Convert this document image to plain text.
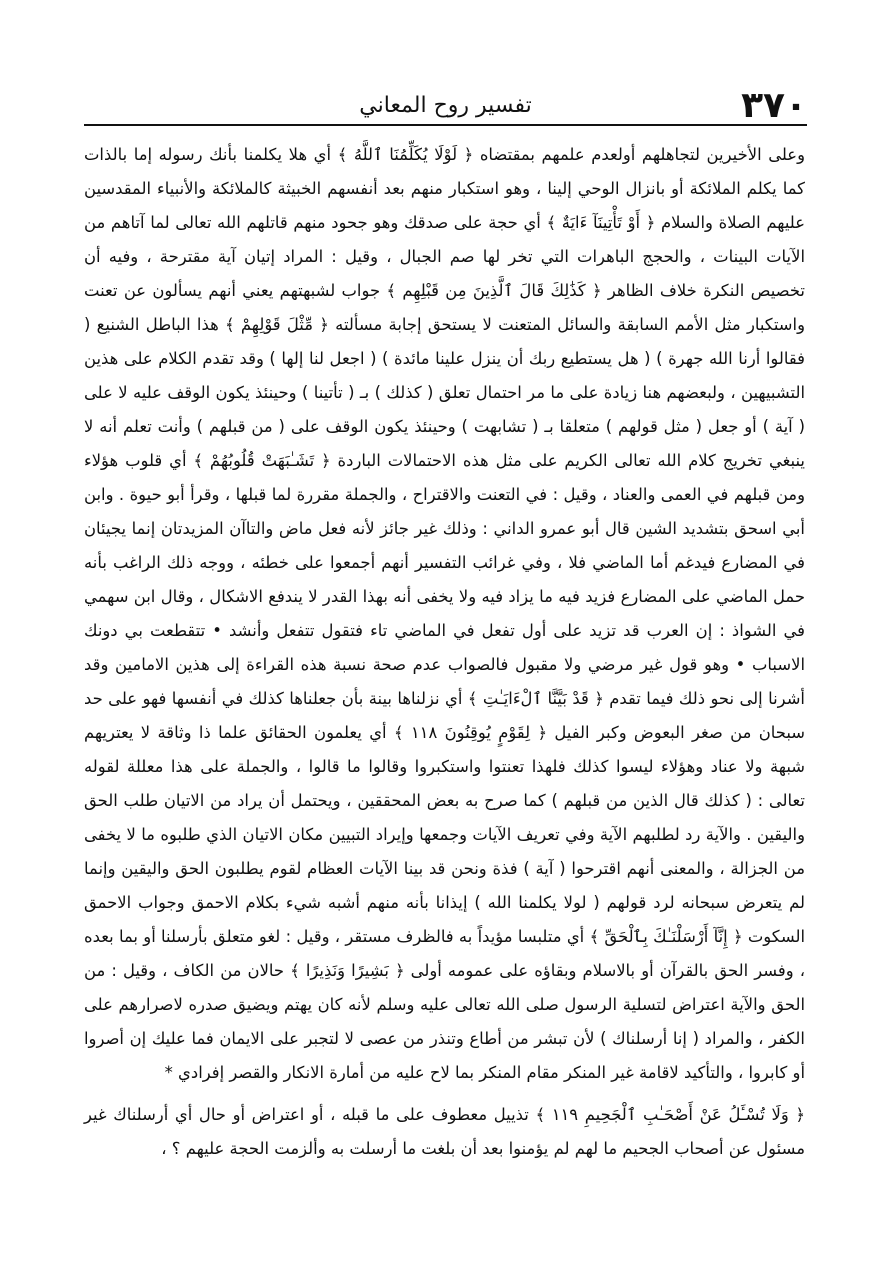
٣٧٠
تفسير روح المعاني

وعلى الأخيرين لتجاهلهم أولعدم علمهم بمقتضاه ﴿ لَوْلَا يُكَلِّمُنَا ٱللَّهُ ﴾ أي هلا يكلمنا بأنك رسوله إما بالذات كما يكلم الملائكة أو بانزال الوحي إلينا ، وهو استكبار منهم بعد أنفسهم الخبيثة كالملائكة والأنبياء المقدسين عليهم الصلاة والسلام ﴿ أَوْ تَأْتِينَآ ءَايَةٌ ﴾ أي حجة على صدقك وهو جحود منهم قاتلهم الله تعالى لما آتاهم من الآيات البينات ، والحجج الباهرات التي تخر لها صم الجبال ، وقيل : المراد إتيان آية مقترحة ، وفيه أن تخصيص النكرة خلاف الظاهر ﴿ كَذَٰلِكَ قَالَ ٱلَّذِينَ مِن قَبْلِهِم ﴾ جواب لشبهتهم يعني أنهم يسألون عن تعنت واستكبار مثل الأمم السابقة والسائل المتعنت لا يستحق إجابة مسألته ﴿ مِّثْلَ قَوْلِهِمْ ﴾ هذا الباطل الشنيع ( فقالوا أرنا الله جهرة ) ( هل يستطيع ربك أن ينزل علينا مائدة ) ( اجعل لنا إلها ) وقد تقدم الكلام على هذين التشبيهين ، ولبعضهم هنا زيادة على ما مر احتمال تعلق ( كذلك ) بـ ( تأتينا ) وحينئذ يكون الوقف عليه لا على ( آية ) أو جعل ( مثل قولهم ) متعلقا بـ ( تشابهت ) وحينئذ يكون الوقف على ( من قبلهم ) وأنت تعلم أنه لا ينبغي تخريج كلام الله تعالى الكريم على مثل هذه الاحتمالات الباردة ﴿ تَشَـٰبَهَتْ قُلُوبُهُمْ ﴾ أي قلوب هؤلاء ومن قبلهم في العمى والعناد ، وقيل : في التعنت والاقتراح ، والجملة مقررة لما قبلها ، وقرأ أبو حيوة . وابن أبي اسحق بتشديد الشين قال أبو عمرو الداني : وذلك غير جائز لأنه فعل ماض والتاآن المزيدتان إنما يجيئان في المضارع فيدغم أما الماضي فلا ، وفي غرائب التفسير أنهم أجمعوا على خطئه ، ووجه ذلك الراغب بأنه حمل الماضي على المضارع فزيد فيه ما يزاد فيه ولا يخفى أنه بهذا القدر لا يندفع الاشكال ، وقال ابن سهمي في الشواذ : إن العرب قد تزيد على أول تفعل في الماضي تاء فتقول تتفعل وأنشد • تتقطعت بي دونك الاسباب • وهو قول غير مرضي ولا مقبول فالصواب عدم صحة نسبة هذه القراءة إلى هذين الامامين وقد أشرنا إلى نحو ذلك فيما تقدم ﴿ قَدْ بَيَّنَّا ٱلْءَايَـٰتِ ﴾ أي نزلناها بينة بأن جعلناها كذلك في أنفسها فهو على حد سبحان من صغر البعوض وكبر الفيل ﴿ لِقَوْمٍ يُوقِنُونَ ١١٨ ﴾ أي يعلمون الحقائق علما ذا وثاقة لا يعتريهم شبهة ولا عناد وهؤلاء ليسوا كذلك فلهذا تعنتوا واستكبروا وقالوا ما قالوا ، والجملة على هذا معللة لقوله تعالى : ( كذلك قال الذين من قبلهم ) كما صرح به بعض المحققين ، ويحتمل أن يراد من الاتيان طلب الحق واليقين . والآية رد لطلبهم الآية وفي تعريف الآيات وجمعها وإيراد التبيين مكان الاتيان الذي طلبوه ما لا يخفى من الجزالة ، والمعنى أنهم اقترحوا ( آية ) فذة ونحن قد بينا الآيات العظام لقوم يطلبون الحق واليقين وإنما لم يتعرض سبحانه لرد قولهم ( لولا يكلمنا الله ) إيذانا بأنه منهم أشبه شيء بكلام الاحمق وجواب الاحمق السكوت ﴿ إِنَّآ أَرْسَلْنَـٰكَ بِٱلْحَقِّ ﴾ أي متلبسا مؤيداً به فالظرف مستقر ، وقيل : لغو متعلق بأرسلنا أو بما بعده ، وفسر الحق بالقرآن أو بالاسلام وبقاؤه على عمومه أولى ﴿ بَشِيرًا وَنَذِيرًا ﴾ حالان من الكاف ، وقيل : من الحق والآية اعتراض لتسلية الرسول صلى الله تعالى عليه وسلم لأنه كان يهتم ويضيق صدره لاصرارهم على الكفر ، والمراد ( إنا أرسلناك ) لأن تبشر من أطاع وتنذر من عصى لا لتجبر على الايمان فما عليك إن أصروا أو كابروا ، والتأكيد لاقامة غير المنكر مقام المنكر بما لاح عليه من أمارة الانكار والقصر إفرادي *

﴿ وَلَا تُسْـَٔلُ عَنْ أَصْحَـٰبِ ٱلْجَحِيمِ ١١٩ ﴾ تذييل معطوف على ما قبله ، أو اعتراض أو حال أي أرسلناك غير مسئول عن أصحاب الجحيم ما لهم لم يؤمنوا بعد أن بلغت ما أرسلت به وألزمت الحجة عليهم ؟ ،
